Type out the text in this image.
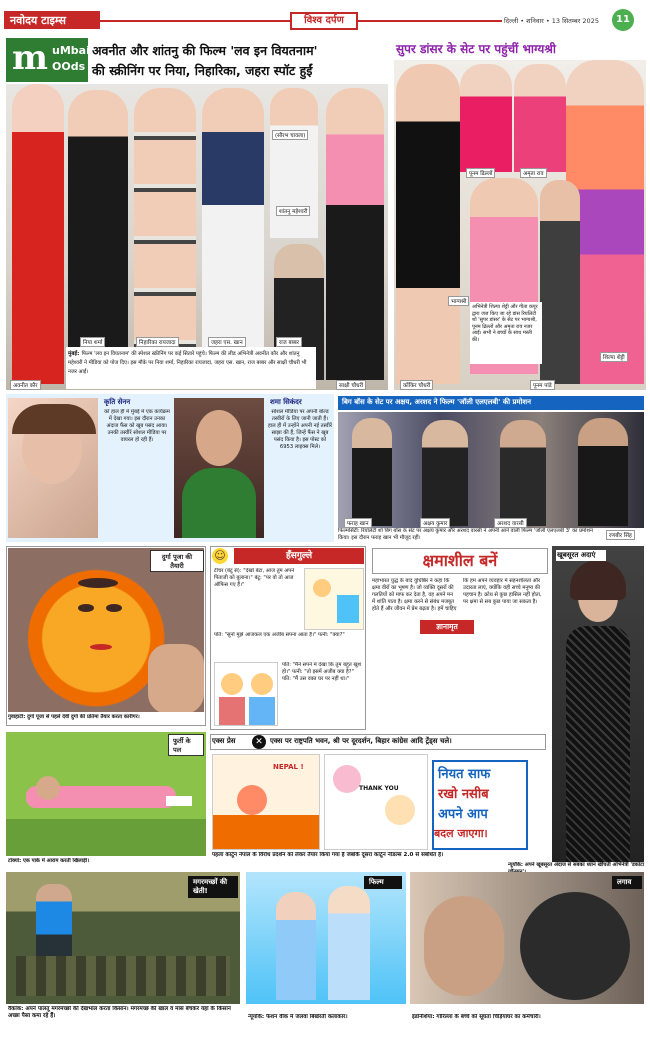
नवोदय टाइम्स	विश्व दर्पण	दिल्ली • शनिवार • 13 सितम्बर 2025	11
m uMbai
OOds
अवनीत और शांतनु की फिल्म 'लव इन वियतनाम'
की स्क्रीनिंग पर निया, निहारिका, जहरा स्पॉट हुईं
अवनीत कौर
निया शर्मा	निहारिका रायजादा	जहरा एस. खान	राज बब्बर
शांतनु महेश्वरी
साक्षी चौधरी
(सौरभ चावला)
मुंबई: फिल्म 'लव इन वियतनाम' की स्पेशल स्क्रीनिंग पर कई सितारे पहुंचे। फिल्म की लीड अभिनेत्री अवनीत कौर और शांतनु महेश्वरी ने मीडिया को पोज दिए। इस मौके पर निया शर्मा, निहारिका रायजादा, जहरा एस. खान, राज बब्बर और साक्षी चौधरी भी नजर आईं।
सुपर डांसर के सेट पर पहुंचीं भाग्यश्री
पूनम ढिल्लों	अमृता राव
भाग्यश्री
कोंकिर चौधरी	पूनम पांडे
शिल्पा शेट्टी
अभिनेत्री शिल्पा शेट्टी और गीता कपूर द्वारा जज किए जा रहे डांस रियलिटी शो 'सुपर डांसर' के सेट पर भाग्यश्री, पूनम ढिल्लों और अमृता राव नजर आईं। सभी ने बच्चों के साथ मस्ती की।
कृति सेनन
को हाल ही में मुंबई में एक कार्यक्रम में देखा गया। इस दौरान उनका अंदाज फैंस को खूब पसंद आया। उनकी तस्वीरें सोशल मीडिया पर वायरल हो रही हैं।
शमा सिकंदर
सोशल मीडिया पर अपनी बोल्ड तस्वीरों के लिए जानी जाती हैं। हाल ही में उन्होंने अपनी नई तस्वीरें साझा की हैं, जिन्हें फैंस ने खूब पसंद किया है। इस पोस्ट को 6953 लाइक्स मिले।
बिग बॉस के सेट पर अक्षय, अरशद ने फिल्म 'जॉली एलएलबी' की प्रमोशन
फराह खान	अक्षय कुमार	अरशद वारसी
रणबीर सिंह
फिल्मसिटी: रियलिटी शो बिग बॉस के सेट पर अक्षय कुमार और अरशद वारसी ने अपनी आने वाली फिल्म 'जॉली एलएलबी 3' का प्रमोशन किया। इस दौरान फराह खान भी मौजूद रहीं।
दुर्गा पूजा की तैयारी
गुवाहाटी: दुर्गा पूजा से पहले देवी दुर्गा की प्रतिमा तैयार करता कारीगर।
☺	हँसगुल्ले
टीचर (बंटू से): "देखो बेटा, आज तुम अपने पिताजी को बुलाना।" बंटू: "पर वो तो आज ऑफिस गए हैं।"
पति: "सुनो मुझे आजकल एक अजीब सपना आता है।" पत्नी: "क्या?"
पति: "मैंने सपने में देखा कि तुम बहुत खुश हो।" पत्नी: "तो इसमें अजीब क्या है?" पति: "मैं उस वक्त घर पर नहीं था।"
क्षमाशील बनें
महाभारत युद्ध के बाद युधिष्ठिर ने कहा कि क्षमा वीरों का भूषण है। जो व्यक्ति दूसरों की गलतियों को माफ कर देता है, वह अपने मन में शांति पाता है। क्षमा करने से संबंध मजबूत होते हैं और जीवन में प्रेम बढ़ता है। हमें चाहिए कि हम अपने व्यवहार में सहनशीलता और उदारता लाएं, क्योंकि यही सच्चे मनुष्य की पहचान है। क्रोध से कुछ हासिल नहीं होता, पर क्षमा से सब कुछ पाया जा सकता है।
ज्ञानामृत
खूबसूरत अदाएं
न्यूयॉर्क: अपने खूबसूरत अंदाज से सबका ध्यान खींचती अभिनेत्री 'डकोटा
फुर्ती के पल
टोक्यो: एक पार्क में आराम करती खिलाड़ी।
एक्स प्रेस	✕	एक्स पर राष्ट्रपति भवन, श्री पर दूरदर्शन, बिहार कांग्रेस आदि ट्रेंड्स चले।
NEPAL !
THANK YOU
पहला कार्टून नेपाल के विरोध प्रदर्शन को लेकर तैयार किया गया है जबकि दूसरा कार्टून नीडल्स 2.0 से संबंधित है।
नियत साफ
रखो नसीब
अपने आप
बदल जाएगा।
मगरमच्छों की खेती!
वैंकांक: अपने पालतू मगरमच्छों की देखभाल करता किसान। मगरमच्छ की खाल व मांस बेचकर यहां के किसान अच्छा पैसा कमा रहे हैं।
फिल्म
न्यूयॉर्क: फैशन वीक में जलवा बिखेरतीं कलाकार।
लगाव
इंडोनेशिया: गोरिल्ला के बच्चे को सूघता चिड़ियाघर का कर्मचारी।
